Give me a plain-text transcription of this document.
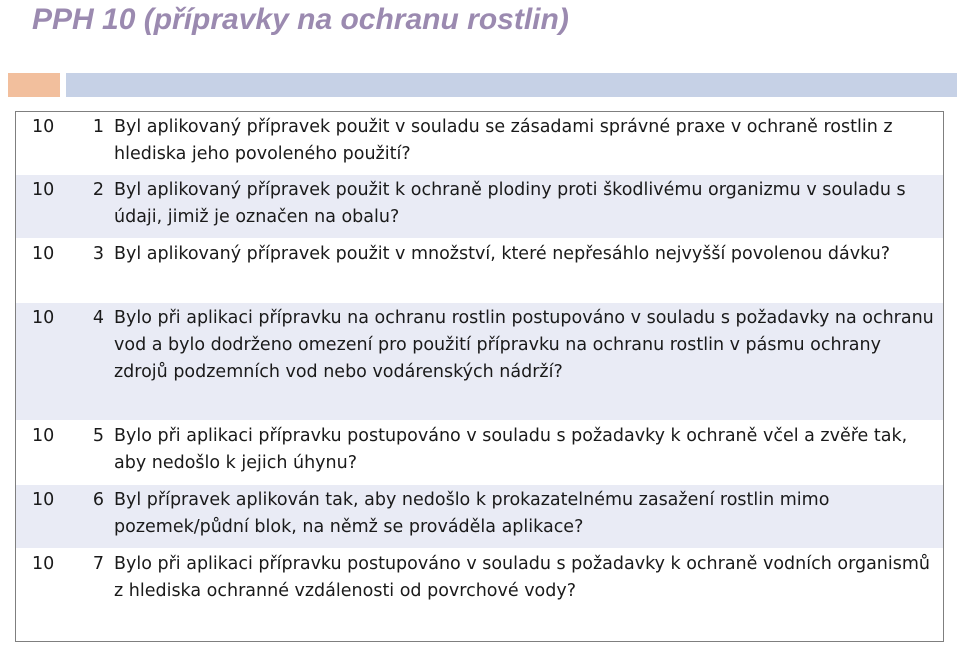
PPH 10 (přípravky na ochranu rostlin)
10	1 Byl aplikovaný přípravek použit v souladu se zásadami správné praxe v ochraně rostlin z hlediska jeho povoleného použití?
10	2 Byl aplikovaný přípravek použit k ochraně plodiny proti škodlivému organizmu v souladu s údaji, jimiž je označen na obalu?
10	3 Byl aplikovaný přípravek použit v množství, které nepřesáhlo nejvyšší povolenou dávku?
10	4 Bylo při aplikaci přípravku na ochranu rostlin postupováno v souladu s požadavky na ochranu vod a bylo dodrženo omezení pro použití přípravku na ochranu rostlin v pásmu ochrany zdrojů podzemních vod nebo vodárenských nádrží?
10	5 Bylo při aplikaci přípravku postupováno v souladu s požadavky k ochraně včel a zvěře tak, aby nedošlo k jejich úhynu?
10	6 Byl přípravek aplikován tak, aby nedošlo k prokazatelnému zasažení rostlin mimo pozemek/půdní blok, na němž se prováděla aplikace?
10	7 Bylo při aplikaci přípravku postupováno v souladu s požadavky k ochraně vodních organismů z hlediska ochranné vzdálenosti od povrchové vody?
